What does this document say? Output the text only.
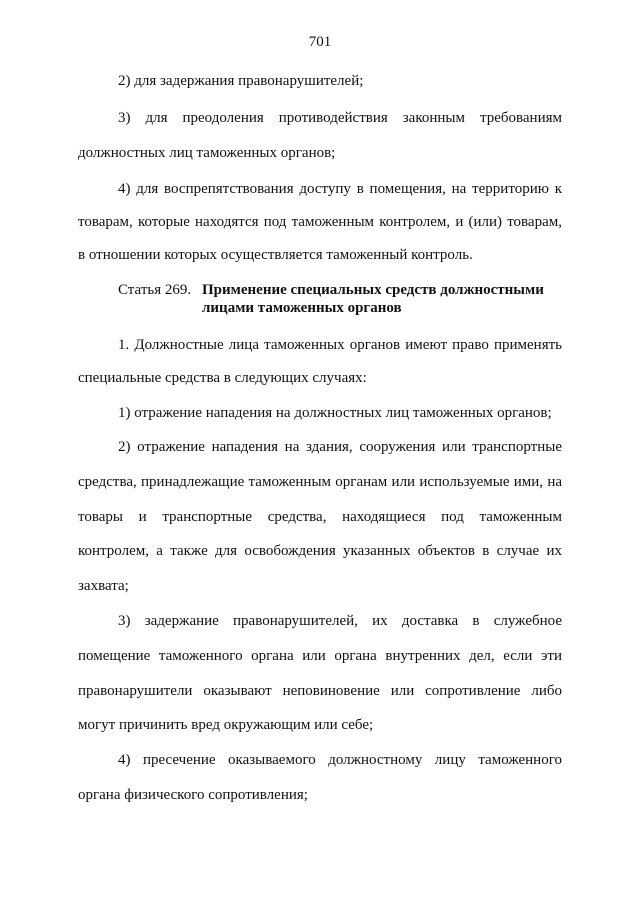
701
2) для задержания правонарушителей;
3) для преодоления противодействия законным требованиям
должностных лиц таможенных органов;
4) для воспрепятствования доступу в помещения, на территорию к
товарам, которые находятся под таможенным контролем, и (или) товарам,
в отношении которых осуществляется таможенный контроль.
Статья 269. Применение специальных средств должностными
лицами таможенных органов
1. Должностные лица таможенных органов имеют право применять
специальные средства в следующих случаях:
1) отражение нападения на должностных лиц таможенных органов;
2) отражение нападения на здания, сооружения или транспортные
средства, принадлежащие таможенным органам или используемые ими, на
товары и транспортные средства, находящиеся под таможенным
контролем, а также для освобождения указанных объектов в случае их
захвата;
3) задержание правонарушителей, их доставка в служебное
помещение таможенного органа или органа внутренних дел, если эти
правонарушители оказывают неповиновение или сопротивление либо
могут причинить вред окружающим или себе;
4) пресечение оказываемого должностному лицу таможенного
органа физического сопротивления;
